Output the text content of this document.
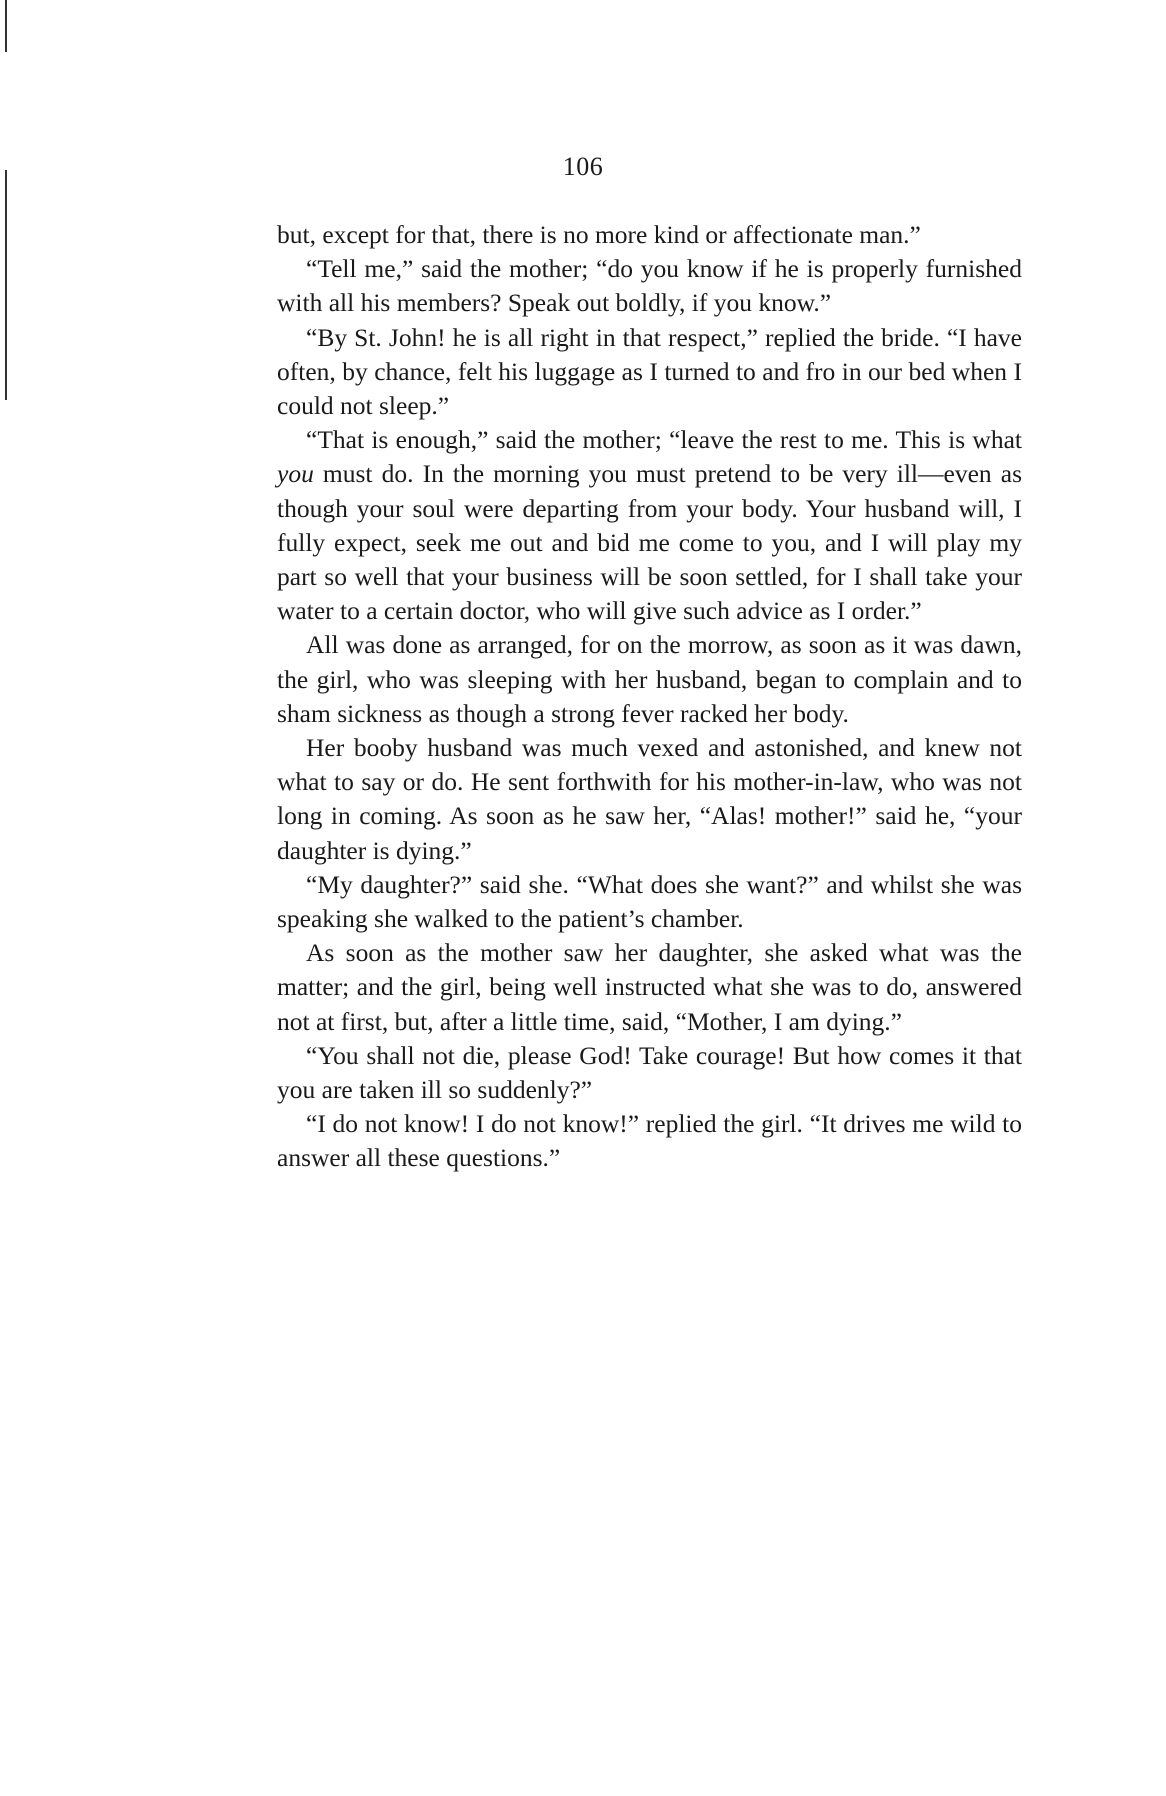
106

but, except for that, there is no more kind or affectionate man.”

“Tell me,” said the mother; “do you know if he is properly furnished with all his members? Speak out boldly, if you know.”

“By St. John! he is all right in that respect,” replied the bride. “I have often, by chance, felt his luggage as I turned to and fro in our bed when I could not sleep.”

“That is enough,” said the mother; “leave the rest to me. This is what you must do. In the morning you must pretend to be very ill—even as though your soul were departing from your body. Your husband will, I fully expect, seek me out and bid me come to you, and I will play my part so well that your business will be soon settled, for I shall take your water to a certain doctor, who will give such advice as I order.”

All was done as arranged, for on the morrow, as soon as it was dawn, the girl, who was sleeping with her husband, began to complain and to sham sickness as though a strong fever racked her body.

Her booby husband was much vexed and astonished, and knew not what to say or do. He sent forthwith for his mother-in-law, who was not long in coming. As soon as he saw her, “Alas! mother!” said he, “your daughter is dying.”

“My daughter?” said she. “What does she want?” and whilst she was speaking she walked to the patient’s chamber.

As soon as the mother saw her daughter, she asked what was the matter; and the girl, being well instructed what she was to do, answered not at first, but, after a little time, said, “Mother, I am dying.”

“You shall not die, please God! Take courage! But how comes it that you are taken ill so suddenly?”

“I do not know! I do not know!” replied the girl. “It drives me wild to answer all these questions.”
